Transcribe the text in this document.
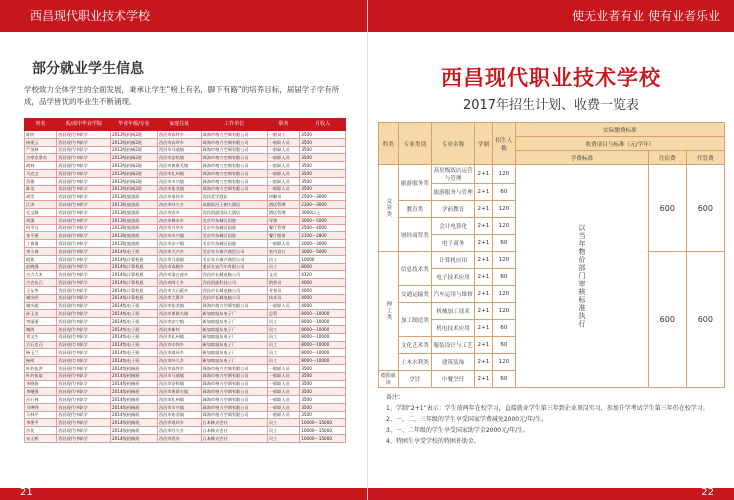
西昌现代职业技术学校
部分就业学生信息
学校致力全体学生的全面发展，秉承让学生“榜上有名，脚下有路”的培养目标，届届学子学有所成，品学皆优的毕业生不断涌现。
姓名	系/部中毕业学院	毕业年级/专业	家庭住址	工作单位	职务	月收入
陈明	西昌现代中职学	2013级机械2班	西昌市高坪乡	珠海市格力空调有限公司	一般员工	3500
杨建云	西昌现代中职学	2013级机械2班	西昌市高坪乡	珠海市格力空调有限公司	一般职人员	3500
严茂林	西昌现代中职学	2013级机械2班	西昌市马道镇	珠海市格力空调有限公司	一般职人员	3500
吉拿克拿布	西昌现代中职学	2013级机械2班	西昌市安哈镇	珠海市格力空调有限公司	一般职人员	3500
胡林	西昌现代中职学	2013级机械2班	西昌市黄联关镇	珠海市格力空调有限公司	一般职人员	3500
马克文	西昌现代中职学	2013级机械2班	西昌市礼州镇	珠海市格力空调有限公司	一般职人员	3500
蔡俊	西昌现代中职学	2013级机械2班	西昌市川兴镇	珠海市格力空调有限公司	一般职人员	3500
陈龙	西昌现代中职学	2013级机械2班	西昌市佑君镇	珠海市格力空调有限公司	一般职人员	3500
胡雪	西昌现代中职学	2013级旅游班	西昌市琅环乡	西昌美学酒店	讲解员	2500～3000
江涛	西昌现代中职学	2013级旅游班	西昌市经久乡	成都银河王朝大酒店	酒店管理	2300～3000
毛文静	西昌现代中职学	2013级旅游班	西昌市西乡	西昌凯旋国际大酒店	酒店管理	3000以上
周强	西昌现代中职学	2013级旅游班	西昌市樟木乡	北京市东城区国旅	导游	3000～5000
何平凡	西昌现代中职学	2013级旅游班	西昌市月华乡	北京市东城区国旅	餐厅管理	2500～4000
张平燕	西昌现代中职学	2013级旅游班	西昌市川兴镇	北京市东城区国旅	餐厅服务	2100～2800
丁倩倩	西昌现代中职学	2013级旅游班	西昌市安宁镇	北京市东城区国旅	一般职人员	2000～3000
李小春	西昌现代中职学	2014级电子班	西昌市大兴乡	北京东方瑞兴商贸公司	室内设计	3000～5000
阿燕	西昌现代中职学	2014级计算机班	西昌市马道镇	北京东方瑞兴商贸公司	员工	10000
赵晓强	西昌现代中职学	2014级计算机班	西昌市高枧乡	重庆长安汽车有限公司	员工	8000
吉力大木	西昌现代中职学	2014级计算机班	西昌市洛古波乡	西昌市长城电脑公司	文员	4120
吉克伍石	西昌现代中职学	2014级计算机班	西昌市阿七乡	西昌凯旋科技公司	销售员	4000
王友华	西昌现代中职学	2014级计算机班	西昌市大石板乡	西昌市长城电脑公司	业务员	4000
谢庆明	西昌现代中职学	2014级计算机班	西昌市大箐乡	西昌市长城电脑公司	技术员	4000
谢庆超	西昌现代中职学	2014级电子班	西昌市佑君镇	珠海市格力空调有限公司	一般职人员	4000
孙玉龙	西昌现代中职学	2014级电子班	西昌市黄联关镇	新加坡旭东电子厂	总管	8000～10000
李丽丽	西昌现代中职学	2014级电子班	西昌市安宁镇	新加坡旭东电子厂	员工	8000～10000
谢海	西昌现代中职学	2014级电子班	西昌市新村	新加坡旭东电子厂	员工	8000～10000
刘文生	西昌现代中职学	2014级电子班	西昌市礼州镇	新加坡旭东电子厂	员工	8000～10000
吉石克石	西昌现代中职学	2014级电子班	西昌市中坝乡	新加坡旭东电子厂	员工	8000～10000
杨玉兰	西昌现代中职学	2014级电子班	西昌市琅环乡	新加坡旭东电子厂	员工	8000～10000
杨明	西昌现代中职学	2014级电子班	西昌市经久乡	新加坡旭东电子厂	员工	8000～10000
叶约伍洪	西昌现代中职学	2014级机械班	西昌市高坪乡	珠海市格力空调有限公司	一般职人员	3500
叶约伍取	西昌现代中职学	2014级机械班	西昌市马道镇	珠海市格力空调有限公司	一般职人员	3500
李晓娟	西昌现代中职学	2014级机械班	西昌市安哈镇	珠海市格力空调有限公司	一般职人员	3500
李继强	西昌现代中职学	2014级机械班	西昌市黄联关镇	珠海市格力空调有限公司	一般职人员	3500
沙石林	西昌现代中职学	2014级机械班	西昌市礼州镇	珠海市格力空调有限公司	一般职人员	3500
马呷呷	西昌现代中职学	2014级机械班	西昌市川兴镇	珠海市格力空调有限公司	一般职人员	3500
马林平	西昌现代中职学	2014级机械班	西昌市佑君镇	珠海市格力空调有限公司	一般职人员	3500
李建平	西昌现代中职学	2014级机械班	西昌市琅环乡	日本株式会社	员工	10000～15000
沙花	西昌现代中职学	2014级机械班	西昌市经久乡	日本株式会社	员工	10000～15000
宋无桥	西昌现代中职学	2014级机械班	西昌市西乡	日本株式会社	员工	10000～15000
21
使无业者有业 使有业者乐业
西昌现代职业技术学校
2017年招生计划、收费一览表
科类	专业类别	专业名称	学制	招生人数	实际缴费标准		
					收费项目与标准（元/学年）		
					学费标准	住宿费	代管费
文管类	旅游服务类	高星级饭店运营与管理	2+1	120	以当年物价部门审核标准执行	600	600
		旅游服务与管理	2+1	60			
	教育类	学前教育	2+1	120			
	财经商贸类	会计电算化	2+1	120			
		电子商务	2+1	60			
理工类	信息技术类	计算机应用	2+1	120		600	600
		电子技术应用	2+1	60			
	交通运输类	汽车运用与维修	2+1	120			
	加工制造类	机械加工技术	2+1	120			
		机电技术应用	2+1	60			
	文化艺术类	服装设计与工艺	2+1	60			
	土木水利类	建筑装饰	2+1	120			
德阳就读	烹饪	中餐烹饪	2+1	60			
备注：
1、学制“2+1”表示：学生前两年在校学习，直接就业学生第三年到企业顶岗实习，参加升学考试学生第三年仍在校学习。
2、一、二、三年级的学生享受国家学费减免2000元/年/生。
3、一、二年级的学生享受国家助学金2000元/年/生。
4、特困生享受学校的特困补助金。
22
